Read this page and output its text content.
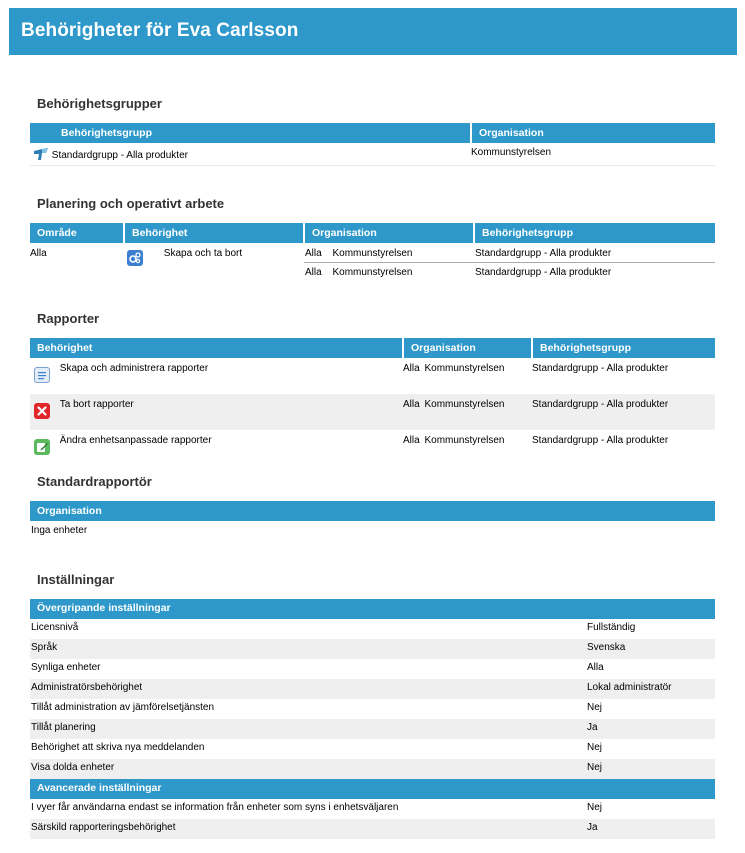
Behörigheter för Eva Carlsson
Behörighetsgrupper
Behörighetsgrupp	Organisation
Standardgrupp - Alla produkter	Kommunstyrelsen
Planering och operativt arbete
Område	Behörighet	Organisation	Behörighetsgrupp
Alla	Skapa och ta bort	Alla Kommunstyrelsen	Standardgrupp - Alla produkter
		Alla Kommunstyrelsen	Standardgrupp - Alla produkter
Rapporter
Behörighet	Organisation	Behörighetsgrupp
Skapa och administrera rapporter	Alla Kommunstyrelsen	Standardgrupp - Alla produkter
Ta bort rapporter	Alla Kommunstyrelsen	Standardgrupp - Alla produkter
Ändra enhetsanpassade rapporter	Alla Kommunstyrelsen	Standardgrupp - Alla produkter
Standardrapportör
Organisation
Inga enheter
Inställningar
Övergripande inställningar	
Licensnivå	Fullständig
Språk	Svenska
Synliga enheter	Alla
Administratörsbehörighet	Lokal administratör
Tillåt administration av jämförelsetjänsten	Nej
Tillåt planering	Ja
Behörighet att skriva nya meddelanden	Nej
Visa dolda enheter	Nej
Avancerade inställningar	
I vyer får användarna endast se information från enheter som syns i enhetsväljaren	Nej
Särskild rapporteringsbehörighet	Ja
